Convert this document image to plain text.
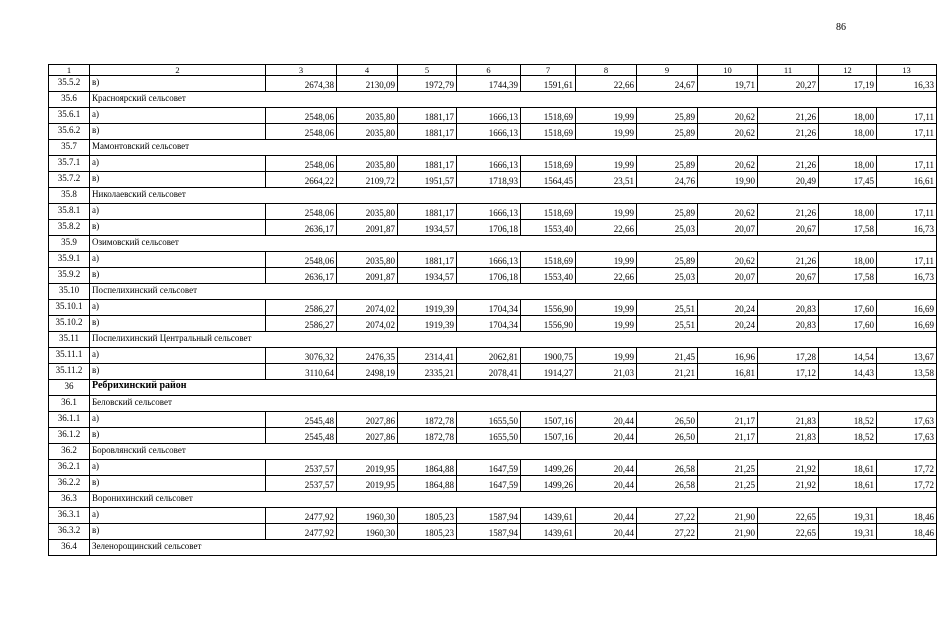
86
1	2	3	4	5	6	7	8	9	10	11	12	13
35.5.2	в)	2674,38	2130,09	1972,79	1744,39	1591,61	22,66	24,67	19,71	20,27	17,19	16,33
35.6	Красноярский сельсовет											
35.6.1	а)	2548,06	2035,80	1881,17	1666,13	1518,69	19,99	25,89	20,62	21,26	18,00	17,11
35.6.2	в)	2548,06	2035,80	1881,17	1666,13	1518,69	19,99	25,89	20,62	21,26	18,00	17,11
35.7	Мамонтовский сельсовет											
35.7.1	а)	2548,06	2035,80	1881,17	1666,13	1518,69	19,99	25,89	20,62	21,26	18,00	17,11
35.7.2	в)	2664,22	2109,72	1951,57	1718,93	1564,45	23,51	24,76	19,90	20,49	17,45	16,61
35.8	Николаевский сельсовет											
35.8.1	а)	2548,06	2035,80	1881,17	1666,13	1518,69	19,99	25,89	20,62	21,26	18,00	17,11
35.8.2	в)	2636,17	2091,87	1934,57	1706,18	1553,40	22,66	25,03	20,07	20,67	17,58	16,73
35.9	Озимовский сельсовет											
35.9.1	а)	2548,06	2035,80	1881,17	1666,13	1518,69	19,99	25,89	20,62	21,26	18,00	17,11
35.9.2	в)	2636,17	2091,87	1934,57	1706,18	1553,40	22,66	25,03	20,07	20,67	17,58	16,73
35.10	Поспелихинский сельсовет											
35.10.1	а)	2586,27	2074,02	1919,39	1704,34	1556,90	19,99	25,51	20,24	20,83	17,60	16,69
35.10.2	в)	2586,27	2074,02	1919,39	1704,34	1556,90	19,99	25,51	20,24	20,83	17,60	16,69
35.11	Поспелихинский Центральный сельсовет											
35.11.1	а)	3076,32	2476,35	2314,41	2062,81	1900,75	19,99	21,45	16,96	17,28	14,54	13,67
35.11.2	в)	3110,64	2498,19	2335,21	2078,41	1914,27	21,03	21,21	16,81	17,12	14,43	13,58
36	Ребрихинский район											
36.1	Беловский сельсовет											
36.1.1	а)	2545,48	2027,86	1872,78	1655,50	1507,16	20,44	26,50	21,17	21,83	18,52	17,63
36.1.2	в)	2545,48	2027,86	1872,78	1655,50	1507,16	20,44	26,50	21,17	21,83	18,52	17,63
36.2	Боровлянский сельсовет											
36.2.1	а)	2537,57	2019,95	1864,88	1647,59	1499,26	20,44	26,58	21,25	21,92	18,61	17,72
36.2.2	в)	2537,57	2019,95	1864,88	1647,59	1499,26	20,44	26,58	21,25	21,92	18,61	17,72
36.3	Воронихинский сельсовет											
36.3.1	а)	2477,92	1960,30	1805,23	1587,94	1439,61	20,44	27,22	21,90	22,65	19,31	18,46
36.3.2	в)	2477,92	1960,30	1805,23	1587,94	1439,61	20,44	27,22	21,90	22,65	19,31	18,46
36.4	Зеленорощинский сельсовет											
